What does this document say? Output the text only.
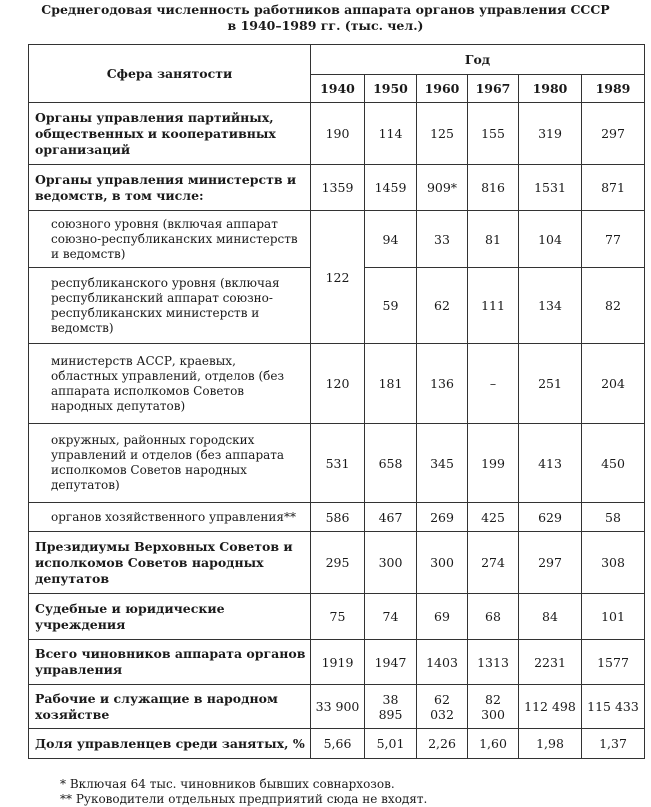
Среднегодовая численность работников аппарата органов управления СССР
в 1940–1989 гг. (тыс. чел.)
Сфера занятости	Год					
	1940	1950	1960	1967	1980	1989
Органы управления партийных, общественных и кооперативных организаций	190	114	125	155	319	297
Органы управления министерств и ведомств, в том числе:	1359	1459	909*	816	1531	871
союзного уровня (включая аппарат союзно-республиканских министерств и ведомств)	122	94	33	81	104	77
республиканского уровня (включая республиканский аппарат союзно-республиканских министерств и ведомств)		59	62	111	134	82
министерств АССР, краевых, областных управлений, отделов (без аппарата исполкомов Советов народных депутатов)	120	181	136	–	251	204
окружных, районных городских управлений и отделов (без аппарата исполкомов Советов народных депутатов)	531	658	345	199	413	450
органов хозяйственного управления**	586	467	269	425	629	58
Президиумы Верховных Советов и исполкомов Советов народных депутатов	295	300	300	274	297	308
Судебные и юридические учреждения	75	74	69	68	84	101
Всего чиновников аппарата органов управления	1919	1947	1403	1313	2231	1577
Рабочие и служащие в народном хозяйстве	33 900	38 895	62 032	82 300	112 498	115 433
Доля управленцев среди занятых, %	5,66	5,01	2,26	1,60	1,98	1,37
* Включая 64 тыс. чиновников бывших совнархозов.
** Руководители отдельных предприятий сюда не входят.
